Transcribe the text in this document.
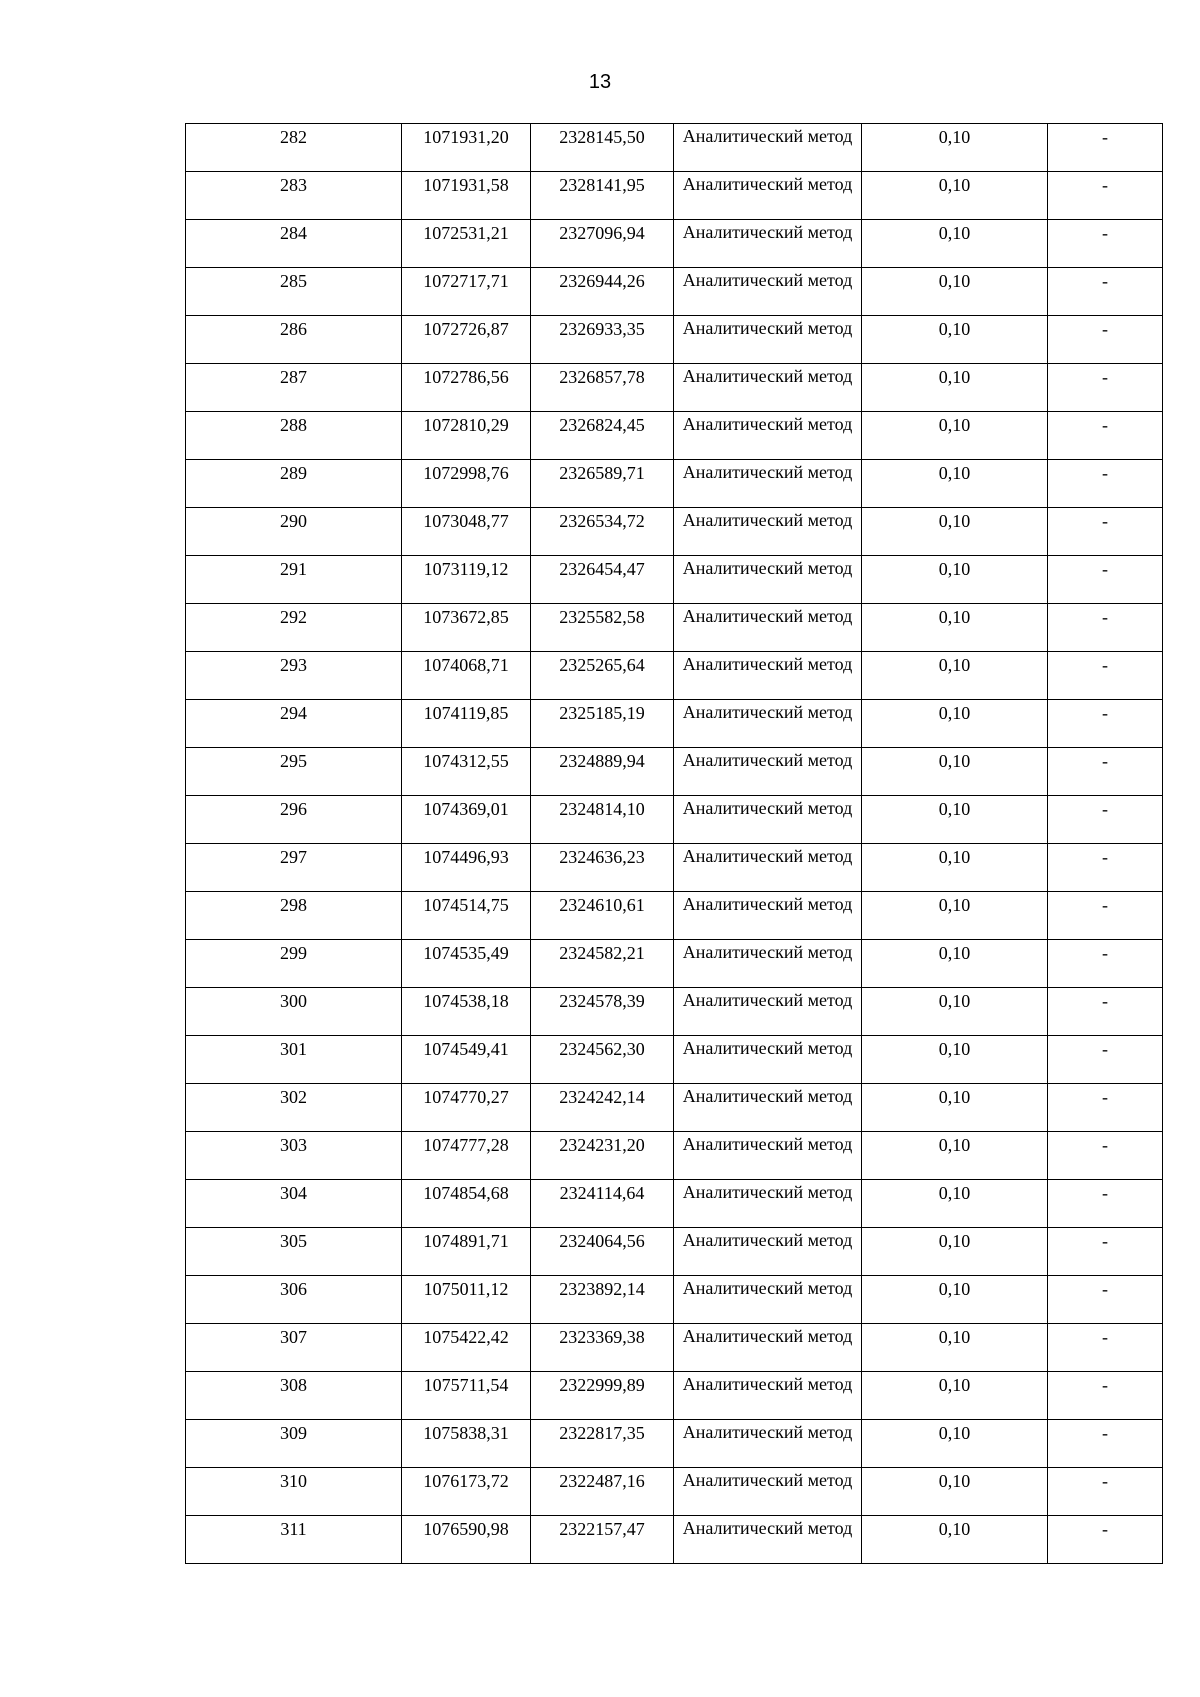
13
282	1071931,20	2328145,50	Аналитический метод	0,10	-
283	1071931,58	2328141,95	Аналитический метод	0,10	-
284	1072531,21	2327096,94	Аналитический метод	0,10	-
285	1072717,71	2326944,26	Аналитический метод	0,10	-
286	1072726,87	2326933,35	Аналитический метод	0,10	-
287	1072786,56	2326857,78	Аналитический метод	0,10	-
288	1072810,29	2326824,45	Аналитический метод	0,10	-
289	1072998,76	2326589,71	Аналитический метод	0,10	-
290	1073048,77	2326534,72	Аналитический метод	0,10	-
291	1073119,12	2326454,47	Аналитический метод	0,10	-
292	1073672,85	2325582,58	Аналитический метод	0,10	-
293	1074068,71	2325265,64	Аналитический метод	0,10	-
294	1074119,85	2325185,19	Аналитический метод	0,10	-
295	1074312,55	2324889,94	Аналитический метод	0,10	-
296	1074369,01	2324814,10	Аналитический метод	0,10	-
297	1074496,93	2324636,23	Аналитический метод	0,10	-
298	1074514,75	2324610,61	Аналитический метод	0,10	-
299	1074535,49	2324582,21	Аналитический метод	0,10	-
300	1074538,18	2324578,39	Аналитический метод	0,10	-
301	1074549,41	2324562,30	Аналитический метод	0,10	-
302	1074770,27	2324242,14	Аналитический метод	0,10	-
303	1074777,28	2324231,20	Аналитический метод	0,10	-
304	1074854,68	2324114,64	Аналитический метод	0,10	-
305	1074891,71	2324064,56	Аналитический метод	0,10	-
306	1075011,12	2323892,14	Аналитический метод	0,10	-
307	1075422,42	2323369,38	Аналитический метод	0,10	-
308	1075711,54	2322999,89	Аналитический метод	0,10	-
309	1075838,31	2322817,35	Аналитический метод	0,10	-
310	1076173,72	2322487,16	Аналитический метод	0,10	-
311	1076590,98	2322157,47	Аналитический метод	0,10	-
